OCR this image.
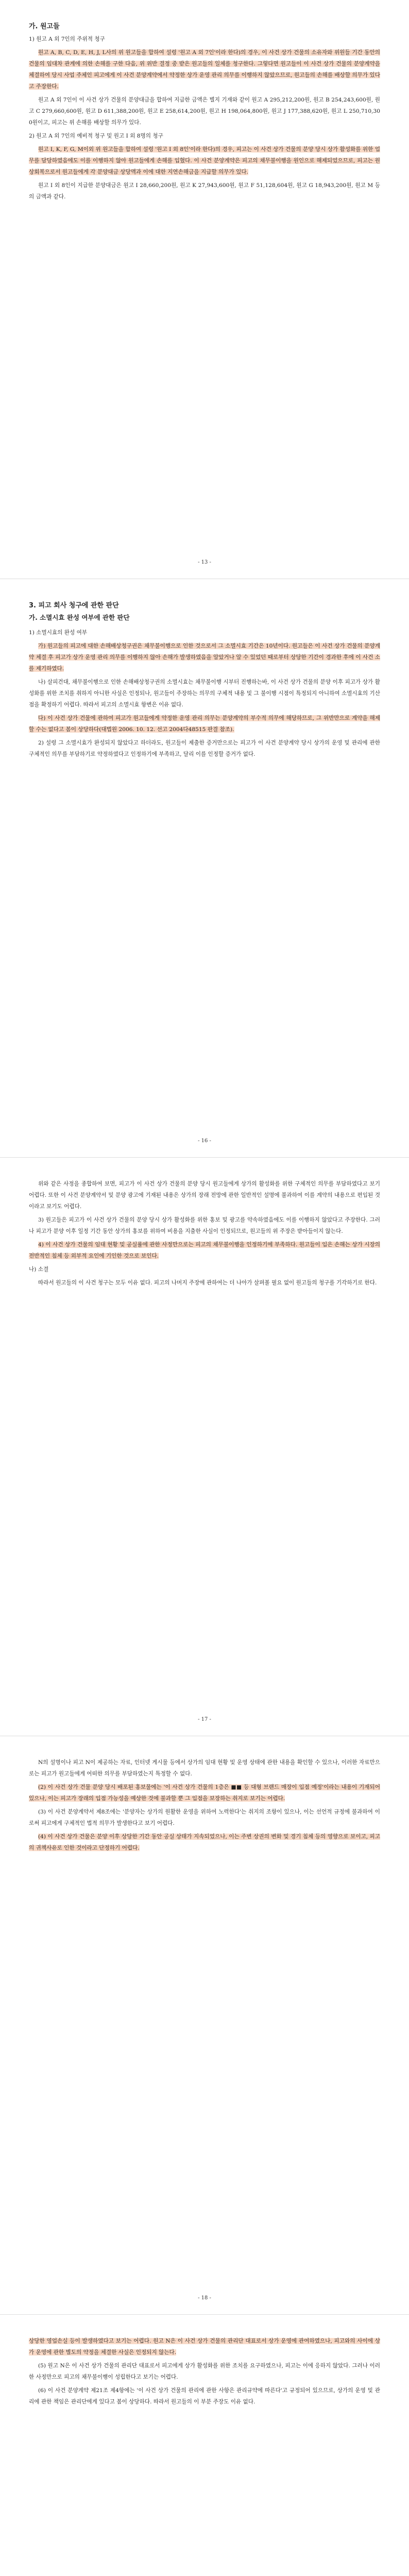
가. 원고들

1) 원고 A 외 7인의 주위적 청구

원고 A, B, C, D, E, H, J, L사의 위 원고들을 합하여 설령 '원고 A 외 7인'이라 한다)의 경우, 이 사건 상가 건물의 소유자와 위원들 기간 동안의 건물의 임대차 관계에 의한 손해를 구한 다음, 위 위반 결정 중 받은 원고들의 일체를 청구한다. 그렇다면 원고들이 이 사건 상가 건물의 분양계약을 체결하여 당시 사업 주체인 피고에게 이 사건 분양계약에서 약정한 상가 운영 관리 의무를 이행하지 않았으므로, 원고들의 손해를 배상할 의무가 있다고 주장한다.

원고 A 외 7인이 이 사건 상가 건물의 분양대금을 합하여 지급한 금액은 별지 기재와 같이 원고 A 295,212,200원, 원고 B 254,243,600원, 원고 C 279,660,600원, 원고 D 611,388,200원, 원고 E 258,614,200원, 원고 H 198,064,800원, 원고 J 177,388,620원, 원고 L 250,710,300원이고, 피고는 위 손해를 배상할 의무가 있다.

2) 원고 A 외 7인의 예비적 청구 및 원고 I 외 8명의 청구

원고 I, K, F, G, M이외 위 원고들을 합하여 설령 '원고 I 외 8인'이라 한다)의 경우, 피고는 이 사건 상가 건물의 분양 당시 상가 활성화를 위한 업무를 담당하였음에도 이를 이행하지 않아 원고들에게 손해를 입혔다. 이 사건 분양계약은 피고의 채무불이행을 원인으로 해제되었으므로, 피고는 원상회복으로서 원고들에게 각 분양대금 상당액과 이에 대한 지연손해금을 지급할 의무가 있다.

원고 I 외 8인이 지급한 분양대금은 원고 I 28,660,200원, 원고 K 27,943,600원, 원고 F 51,128,604원, 원고 G 18,943,200원, 원고 M 등의 금액과 같다.

- 13 -
3. 피고 회사 청구에 관한 판단
가. 소멸시효 완성 여부에 관한 판단

1) 소멸시효의 완성 여부

가) 원고들의 피고에 대한 손해배상청구권은 채무불이행으로 인한 것으로서 그 소멸시효 기간은 10년이다. 원고들은 이 사건 상가 건물의 분양계약 체결 후 피고가 상가 운영 관리 의무를 이행하지 않아 손해가 발생하였음을 알았거나 알 수 있었던 때로부터 상당한 기간이 경과한 후에 이 사건 소를 제기하였다.

나) 살피건대, 채무불이행으로 인한 손해배상청구권의 소멸시효는 채무불이행 시부터 진행하는바, 이 사건 상가 건물의 분양 이후 피고가 상가 활성화를 위한 조치를 취하지 아니한 사실은 인정되나, 원고들이 주장하는 의무의 구체적 내용 및 그 불이행 시점이 특정되지 아니하여 소멸시효의 기산점을 확정하기 어렵다. 따라서 피고의 소멸시효 항변은 이유 없다.

다) 이 사건 상가 건물에 관하여 피고가 원고들에게 약정한 운영 관리 의무는 분양계약의 부수적 의무에 해당하므로, 그 위반만으로 계약을 해제할 수는 없다고 봄이 상당하다(대법원 2006. 10. 12. 선고 2004다48515 판결 참조).

2) 설령 그 소멸시효가 완성되지 않았다고 하더라도, 원고들이 제출한 증거만으로는 피고가 이 사건 분양계약 당시 상가의 운영 및 관리에 관한 구체적인 의무를 부담하기로 약정하였다고 인정하기에 부족하고, 달리 이를 인정할 증거가 없다.

- 16 -

위와 같은 사정을 종합하여 보면, 피고가 이 사건 상가 건물의 분양 당시 원고들에게 상가의 활성화를 위한 구체적인 의무를 부담하였다고 보기 어렵다. 또한 이 사건 분양계약서 및 분양 광고에 기재된 내용은 상가의 장래 전망에 관한 일반적인 설명에 불과하여 이를 계약의 내용으로 편입된 것이라고 보기도 어렵다.

3) 원고들은 피고가 이 사건 상가 건물의 분양 당시 상가 활성화를 위한 홍보 및 광고를 약속하였음에도 이를 이행하지 않았다고 주장한다. 그러나 피고가 분양 이후 일정 기간 동안 상가의 홍보를 위하여 비용을 지출한 사실이 인정되므로, 원고들의 위 주장은 받아들이지 않는다.

4) 이 사건 상가 건물의 임대 현황 및 공실률에 관한 사정만으로는 피고의 채무불이행을 인정하기에 부족하다. 원고들이 입은 손해는 상가 시장의 전반적인 침체 등 외부적 요인에 기인한 것으로 보인다.

나) 소결

따라서 원고들의 이 사건 청구는 모두 이유 없다. 피고의 나머지 주장에 관하여는 더 나아가 살펴볼 필요 없이 원고들의 청구를 기각하기로 한다.

- 17 -

N의 설명이나 피고 N이 제공하는 자료, 인터넷 게시물 등에서 상가의 임대 현황 및 운영 상태에 관한 내용을 확인할 수 있으나, 이러한 자료만으로는 피고가 원고들에게 어떠한 의무를 부담하였는지 특정할 수 없다.

(2) 이 사건 상가 건물 분양 당시 배포된 홍보물에는 '이 사건 상가 건물의 1층은 ■■ 등 대형 브랜드 매장이 입점 예정'이라는 내용이 기재되어 있으나, 이는 피고가 장래의 입점 가능성을 예상한 것에 불과할 뿐 그 입점을 보장하는 취지로 보기는 어렵다.

(3) 이 사건 분양계약서 제8조에는 '분양자는 상가의 원활한 운영을 위하여 노력한다'는 취지의 조항이 있으나, 이는 선언적 규정에 불과하여 이로써 피고에게 구체적인 법적 의무가 발생한다고 보기 어렵다.

(4) 이 사건 상가 건물은 분양 이후 상당한 기간 동안 공실 상태가 지속되었으나, 이는 주변 상권의 변화 및 경기 침체 등의 영향으로 보이고, 피고의 귀책사유로 인한 것이라고 단정하기 어렵다.

- 18 -

상당한 영업손실 등이 발생하였다고 보기는 어렵다. 원고 N은 이 사건 상가 건물의 관리단 대표로서 상가 운영에 관여하였으나, 피고와의 사이에 상가 운영에 관한 별도의 약정을 체결한 사실은 인정되지 않는다.

(5) 원고 N은 이 사건 상가 건물의 관리단 대표로서 피고에게 상가 활성화를 위한 조치를 요구하였으나, 피고는 이에 응하지 않았다. 그러나 이러한 사정만으로 피고의 채무불이행이 성립한다고 보기는 어렵다.

(6) 이 사건 분양계약 제21조 제4항에는 '이 사건 상가 건물의 관리에 관한 사항은 관리규약에 따른다'고 규정되어 있으므로, 상가의 운영 및 관리에 관한 책임은 관리단에게 있다고 봄이 상당하다. 따라서 원고들의 이 부분 주장도 이유 없다.
